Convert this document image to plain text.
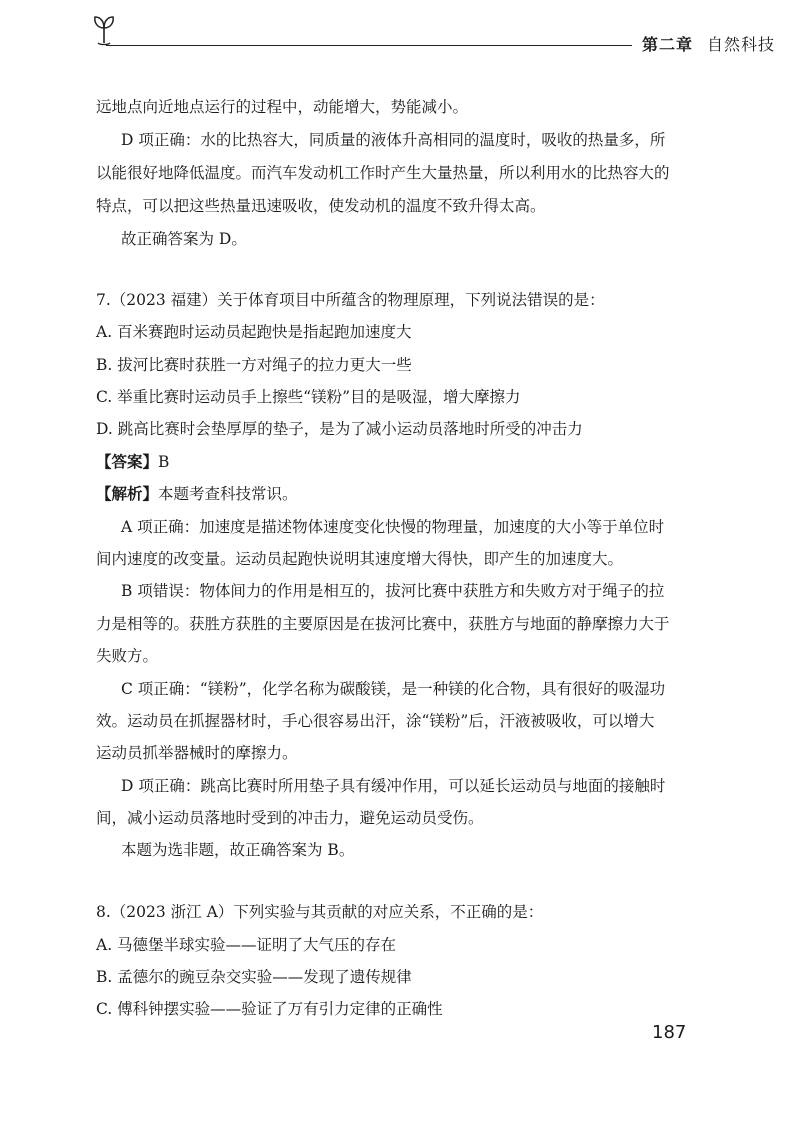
第二章 自然科技
远地点向近地点运行的过程中，动能增大，势能减小。
D 项正确：水的比热容大，同质量的液体升高相同的温度时，吸收的热量多，所
以能很好地降低温度。而汽车发动机工作时产生大量热量，所以利用水的比热容大的
特点，可以把这些热量迅速吸收，使发动机的温度不致升得太高。
故正确答案为 D。
7.（2023 福建）关于体育项目中所蕴含的物理原理，下列说法错误的是：
A. 百米赛跑时运动员起跑快是指起跑加速度大
B. 拔河比赛时获胜一方对绳子的拉力更大一些
C. 举重比赛时运动员手上擦些“镁粉”目的是吸湿，增大摩擦力
D. 跳高比赛时会垫厚厚的垫子，是为了减小运动员落地时所受的冲击力
【答案】B
【解析】本题考查科技常识。
A 项正确：加速度是描述物体速度变化快慢的物理量，加速度的大小等于单位时
间内速度的改变量。运动员起跑快说明其速度增大得快，即产生的加速度大。
B 项错误：物体间力的作用是相互的，拔河比赛中获胜方和失败方对于绳子的拉
力是相等的。获胜方获胜的主要原因是在拔河比赛中，获胜方与地面的静摩擦力大于
失败方。
C 项正确：“镁粉”，化学名称为碳酸镁，是一种镁的化合物，具有很好的吸湿功
效。运动员在抓握器材时，手心很容易出汗，涂“镁粉”后，汗液被吸收，可以增大
运动员抓举器械时的摩擦力。
D 项正确：跳高比赛时所用垫子具有缓冲作用，可以延长运动员与地面的接触时
间，减小运动员落地时受到的冲击力，避免运动员受伤。
本题为选非题，故正确答案为 B。
8.（2023 浙江 A）下列实验与其贡献的对应关系，不正确的是：
A. 马德堡半球实验——证明了大气压的存在
B. 孟德尔的豌豆杂交实验——发现了遗传规律
C. 傅科钟摆实验——验证了万有引力定律的正确性
187
